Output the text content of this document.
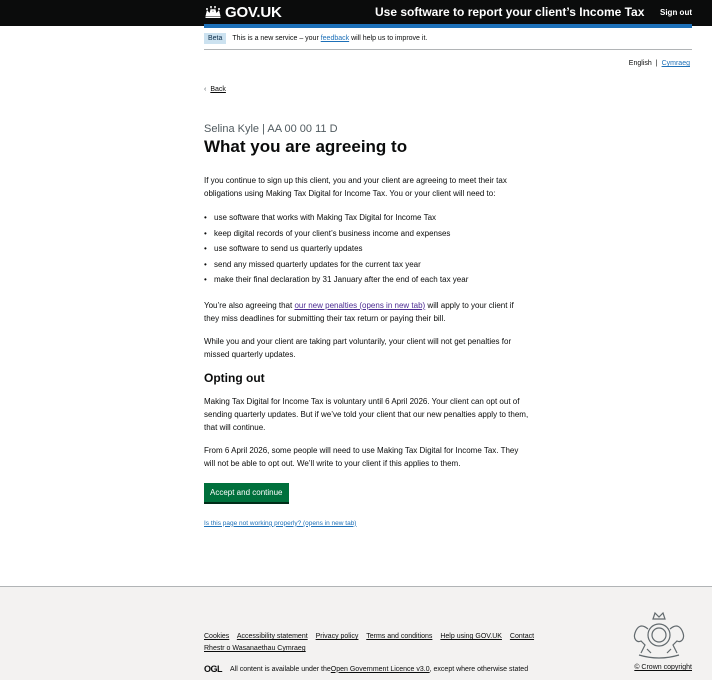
GOV.UK	Use software to report your client’s Income Tax Sign out
Beta	This is a new service – your feedback will help us to improve it.
English | Cymraeg
‹ Back
Selina Kyle | AA 00 00 11 D
What you are agreeing to

If you continue to sign up this client, you and your client are agreeing to meet their tax obligations using Making Tax Digital for Income Tax. You or your client will need to:

• use software that works with Making Tax Digital for Income Tax
• keep digital records of your client’s business income and expenses
• use software to send us quarterly updates
• send any missed quarterly updates for the current tax year
• make their final declaration by 31 January after the end of each tax year

You’re also agreeing that our new penalties (opens in new tab) will apply to your client if they miss deadlines for submitting their tax return or paying their bill.

While you and your client are taking part voluntarily, your client will not get penalties for missed quarterly updates.

Opting out

Making Tax Digital for Income Tax is voluntary until 6 April 2026. Your client can opt out of sending quarterly updates. But if we’ve told your client that our new penalties apply to them, that will continue.

From 6 April 2026, some people will need to use Making Tax Digital for Income Tax. They will not be able to opt out. We’ll write to your client if this applies to them.

Accept and continue
Is this page not working properly? (opens in new tab)
Cookies Accessibility statement Privacy policy Terms and conditions Help using GOV.UK Contact
Rhestr o Wasanaethau Cymraeg
OGL All content is available under the Open Government Licence v3.0 , except where otherwise stated	© Crown copyright
